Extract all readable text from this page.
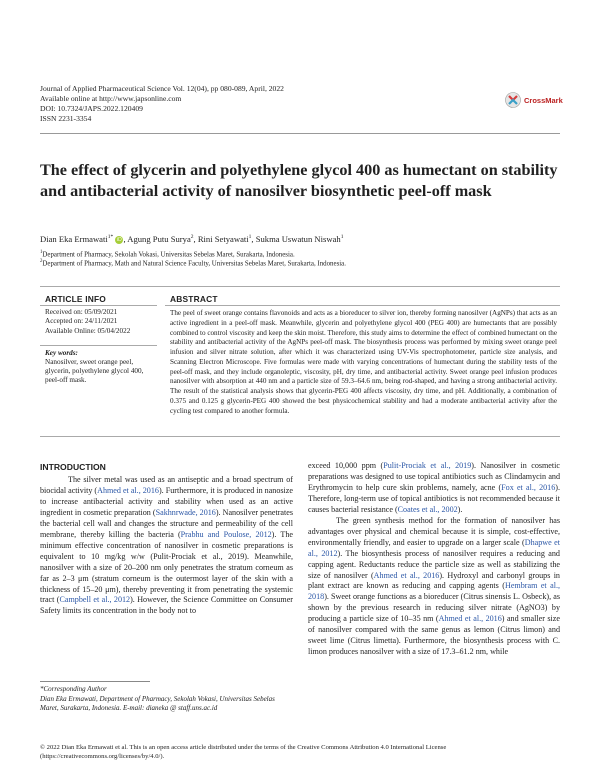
Journal of Applied Pharmaceutical Science Vol. 12(04), pp 080-089, April, 2022
Available online at http://www.japsonline.com
DOI: 10.7324/JAPS.2022.120409
ISSN 2231-3354
CrossMark
The effect of glycerin and polyethylene glycol 400 as humectant on stability and antibacterial activity of nanosilver biosynthetic peel-off mask
Dian Eka Ermawati$^{1*}$ iD , Agung Putu Surya$^2$, Rini Setyawati$^1$, Sukma Uswatun Niswah$^1$
$^1$Department of Pharmacy, Sekolah Vokasi, Universitas Sebelas Maret, Surakarta, Indonesia.
$^2$Department of Pharmacy, Math and Natural Science Faculty, Universitas Sebelas Maret, Surakarta, Indonesia.
ARTICLE INFO
Received on: 05/09/2021
Accepted on: 24/11/2021
Available Online: 05/04/2022
Key words:
Nanosilver, sweet orange peel, glycerin, polyethylene glycol 400, peel-off mask.
ABSTRACT
The peel of sweet orange contains flavonoids and acts as a bioreducer to silver ion, thereby forming nanosilver (AgNPs) that acts as an active ingredient in a peel-off mask. Meanwhile, glycerin and polyethylene glycol 400 (PEG 400) are humectants that are possibly combined to control viscosity and keep the skin moist. Therefore, this study aims to determine the effect of combined humectant on the stability and antibacterial activity of the AgNPs peel-off mask. The biosynthesis process was performed by mixing sweet orange peel infusion and silver nitrate solution, after which it was characterized using UV-Vis spectrophotometer, particle size analysis, and Scanning Electron Microscope. Five formulas were made with varying concentrations of humectant during the stability tests of the peel-off mask, and they include organoleptic, viscosity, pH, dry time, and antibacterial activity. Sweet orange peel infusion produces nanosilver with absorption at 440 nm and a particle size of 59.3–64.6 nm, being rod-shaped, and having a strong antibacterial activity. The result of the statistical analysis shows that glycerin-PEG 400 affects viscosity, dry time, and pH. Additionally, a combination of 0.375 and 0.125 g glycerin-PEG 400 showed the best physicochemical stability and had a moderate antibacterial activity after the cycling test compared to another formula.
INTRODUCTION

The silver metal was used as an antiseptic and a broad spectrum of biocidal activity (Ahmed et al., 2016). Furthermore, it is produced in nanosize to increase antibacterial activity and stability when used as an active ingredient in cosmetic preparation (Sakhnrwade, 2016). Nanosilver penetrates the bacterial cell wall and changes the structure and permeability of the cell membrane, thereby killing the bacteria (Prabhu and Poulose, 2012). The minimum effective concentration of nanosilver in cosmetic preparations is equivalent to 10 mg/kg w/w (Pulit-Prociak et al., 2019). Meanwhile, nanosilver with a size of 20–200 nm only penetrates the stratum corneum as far as 2–3 μm (stratum corneum is the outermost layer of the skin with a thickness of 15–20 μm), thereby preventing it from penetrating the systemic tract (Campbell et al., 2012). However, the Science Committee on Consumer Safety limits its concentration in the body not to

exceed 10,000 ppm (Pulit-Prociak et al., 2019). Nanosilver in cosmetic preparations was designed to use topical antibiotics such as Clindamycin and Erythromycin to help cure skin problems, namely, acne (Fox et al., 2016). Therefore, long-term use of topical antibiotics is not recommended because it causes bacterial resistance (Coates et al., 2002).

The green synthesis method for the formation of nanosilver has advantages over physical and chemical because it is simple, cost-effective, environmentally friendly, and easier to upgrade on a larger scale (Dhapwe et al., 2012). The biosynthesis process of nanosilver requires a reducing and capping agent. Reductants reduce the particle size as well as stabilizing the size of nanosilver (Ahmed et al., 2016). Hydroxyl and carbonyl groups in plant extract are known as reducing and capping agents (Hembram et al., 2018). Sweet orange functions as a bioreducer (Citrus sinensis L. Osbeck), as shown by the previous research in reducing silver nitrate (AgNO3) by producing a particle size of 10–35 nm (Ahmed et al., 2016) and smaller size of nanosilver compared with the same genus as lemon (Citrus limon) and sweet lime (Citrus limetta). Furthermore, the biosynthesis process with C. limon produces nanosilver with a size of 17.3–61.2 nm, while

*Corresponding Author
Dian Eka Ermawati, Department of Pharmacy, Sekolah Vokasi, Universitas Sebelas Maret, Surakarta, Indonesia. E-mail: dianeka @ staff.uns.ac.id
© 2022 Dian Eka Ermawati et al. This is an open access article distributed under the terms of the Creative Commons Attribution 4.0 International License (https://creativecommons.org/licenses/by/4.0/).
